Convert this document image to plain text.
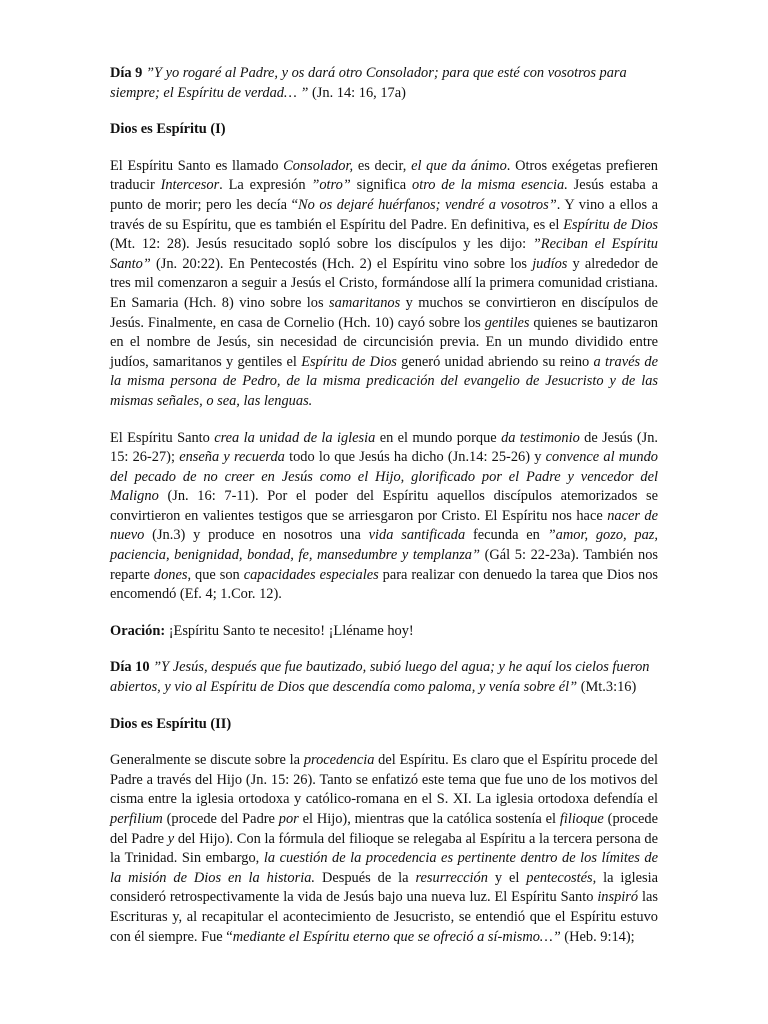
Día 9 ”Y yo rogaré al Padre, y os dará otro Consolador; para que esté con vosotros para siempre; el Espíritu de verdad… ” (Jn. 14: 16, 17a)

Dios es Espíritu (I)

El Espíritu Santo es llamado Consolador, es decir, el que da ánimo. Otros exégetas prefieren traducir Intercesor. La expresión ”otro” significa otro de la misma esencia. Jesús estaba a punto de morir; pero les decía “No os dejaré huérfanos; vendré a vosotros”. Y vino a ellos a través de su Espíritu, que es también el Espíritu del Padre. En definitiva, es el Espíritu de Dios (Mt. 12: 28). Jesús resucitado sopló sobre los discípulos y les dijo: ”Reciban el Espíritu Santo” (Jn. 20:22). En Pentecostés (Hch. 2) el Espíritu vino sobre los judíos y alrededor de tres mil comenzaron a seguir a Jesús el Cristo, formándose allí la primera comunidad cristiana. En Samaria (Hch. 8) vino sobre los samaritanos y muchos se convirtieron en discípulos de Jesús. Finalmente, en casa de Cornelio (Hch. 10) cayó sobre los gentiles quienes se bautizaron en el nombre de Jesús, sin necesidad de circuncisión previa. En un mundo dividido entre judíos, samaritanos y gentiles el Espíritu de Dios generó unidad abriendo su reino a través de la misma persona de Pedro, de la misma predicación del evangelio de Jesucristo y de las mismas señales, o sea, las lenguas.

El Espíritu Santo crea la unidad de la iglesia en el mundo porque da testimonio de Jesús (Jn. 15: 26-27); enseña y recuerda todo lo que Jesús ha dicho (Jn.14: 25-26) y convence al mundo del pecado de no creer en Jesús como el Hijo, glorificado por el Padre y vencedor del Maligno (Jn. 16: 7-11). Por el poder del Espíritu aquellos discípulos atemorizados se convirtieron en valientes testigos que se arriesgaron por Cristo. El Espíritu nos hace nacer de nuevo (Jn.3) y produce en nosotros una vida santificada fecunda en ”amor, gozo, paz, paciencia, benignidad, bondad, fe, mansedumbre y templanza” (Gál 5: 22-23a). También nos reparte dones, que son capacidades especiales para realizar con denuedo la tarea que Dios nos encomendó (Ef. 4; 1.Cor. 12).

Oración: ¡Espíritu Santo te necesito! ¡Lléname hoy!

Día 10 ”Y Jesús, después que fue bautizado, subió luego del agua; y he aquí los cielos fueron abiertos, y vio al Espíritu de Dios que descendía como paloma, y venía sobre él” (Mt.3:16)

Dios es Espíritu (II)

Generalmente se discute sobre la procedencia del Espíritu. Es claro que el Espíritu procede del Padre a través del Hijo (Jn. 15: 26). Tanto se enfatizó este tema que fue uno de los motivos del cisma entre la iglesia ortodoxa y católico-romana en el S. XI. La iglesia ortodoxa defendía el perfilium (procede del Padre por el Hijo), mientras que la católica sostenía el filioque (procede del Padre y del Hijo). Con la fórmula del filioque se relegaba al Espíritu a la tercera persona de la Trinidad. Sin embargo, la cuestión de la procedencia es pertinente dentro de los límites de la misión de Dios en la historia. Después de la resurrección y el pentecostés, la iglesia consideró retrospectivamente la vida de Jesús bajo una nueva luz. El Espíritu Santo inspiró las Escrituras y, al recapitular el acontecimiento de Jesucristo, se entendió que el Espíritu estuvo con él siempre. Fue “mediante el Espíritu eterno que se ofreció a sí-mismo…” (Heb. 9:14);
